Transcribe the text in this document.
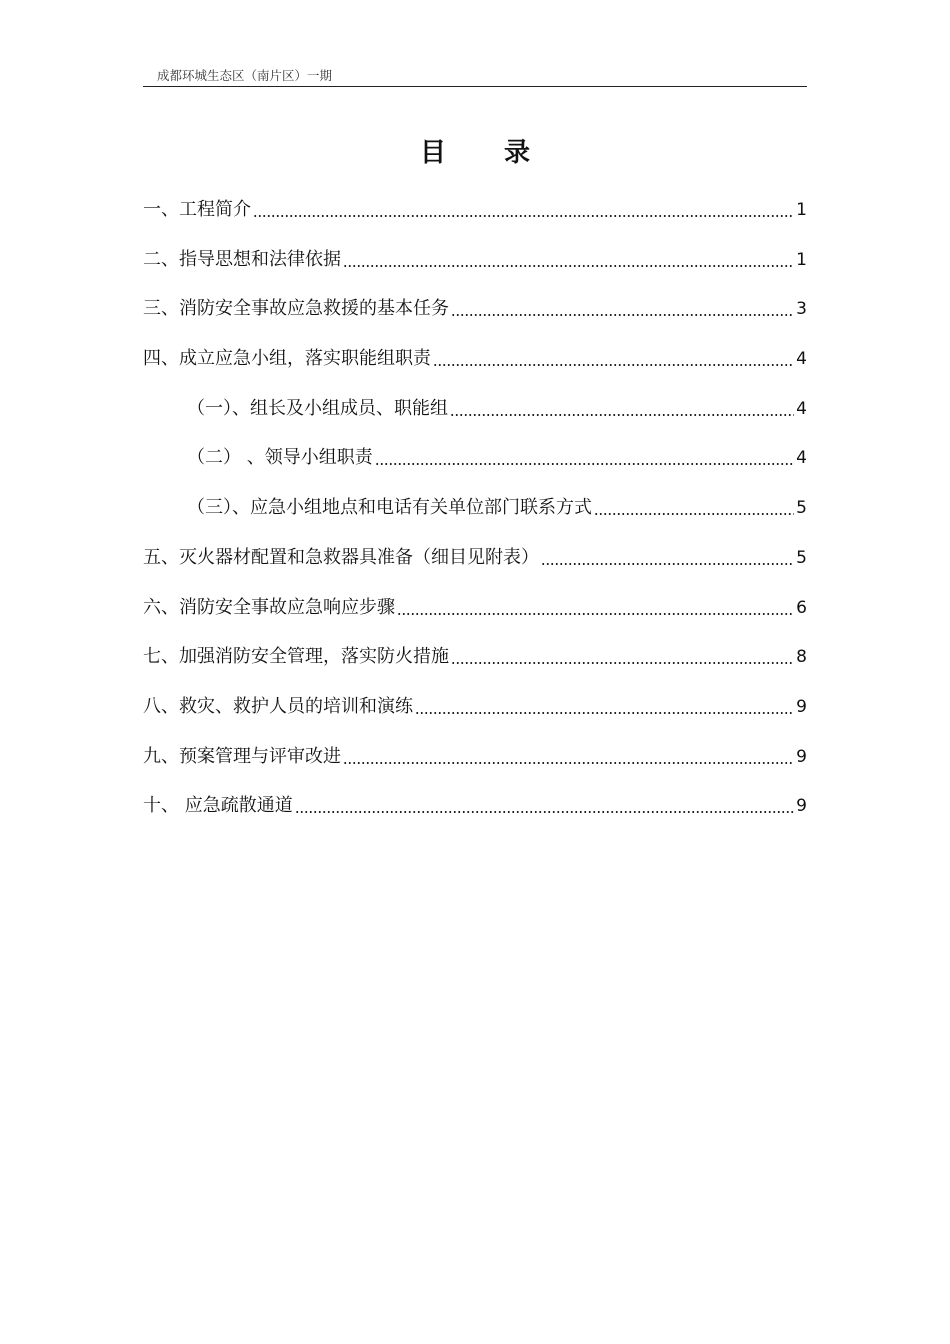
成都环城生态区（南片区）一期
目录
一、工程简介	1
二、指导思想和法律依据	1
三、消防安全事故应急救援的基本任务	3
四、成立应急小组，落实职能组职责	4
（一）、组长及小组成员、职能组	4
（二） 、领导小组职责	4
（三）、应急小组地点和电话有关单位部门联系方式	5
五、灭火器材配置和急救器具准备（细目见附表）	5
六、消防安全事故应急响应步骤	6
七、加强消防安全管理，落实防火措施	8
八、救灾、救护人员的培训和演练	9
九、预案管理与评审改进	9
十、 应急疏散通道	9
